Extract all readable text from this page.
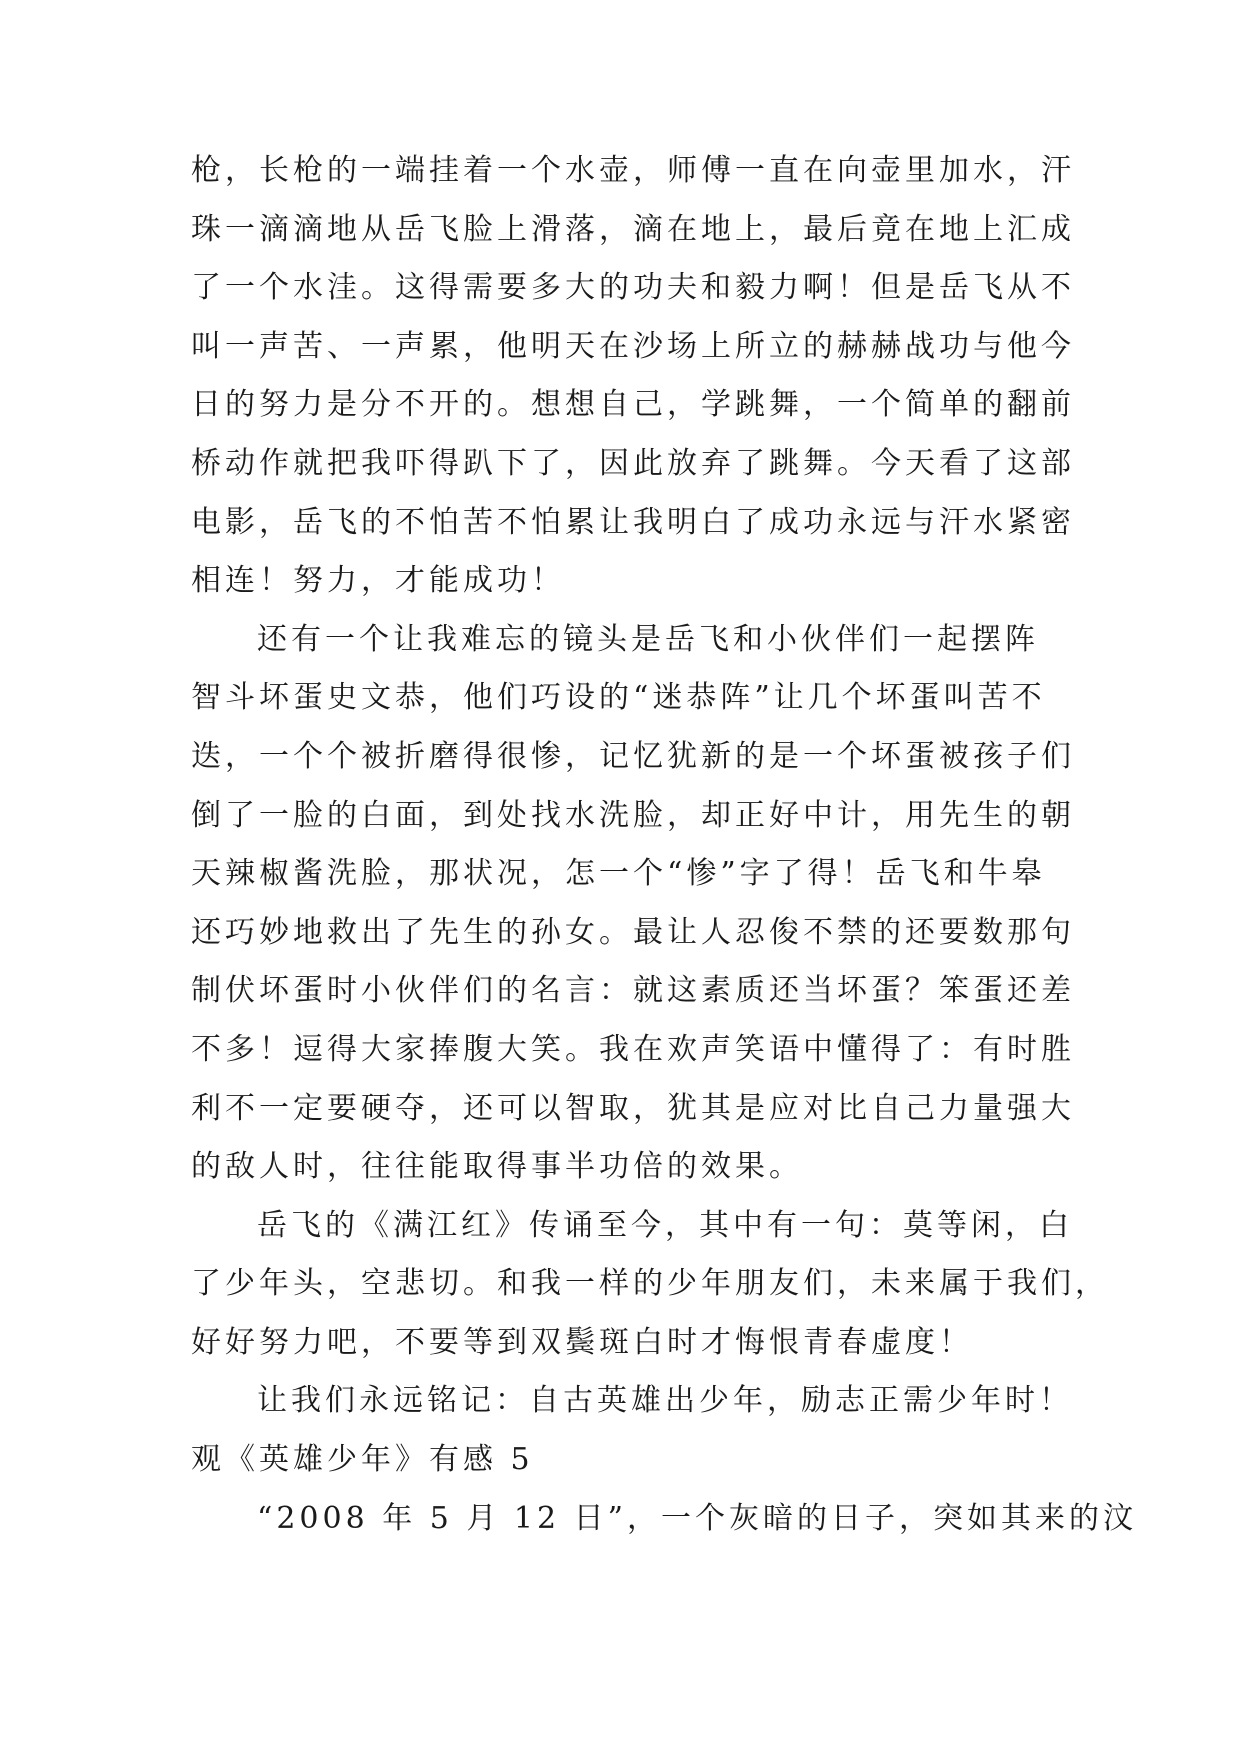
枪，长枪的一端挂着一个水壶，师傅一直在向壶里加水，汗
珠一滴滴地从岳飞脸上滑落，滴在地上，最后竟在地上汇成
了一个水洼。这得需要多大的功夫和毅力啊！但是岳飞从不
叫一声苦、一声累，他明天在沙场上所立的赫赫战功与他今
日的努力是分不开的。想想自己，学跳舞，一个简单的翻前
桥动作就把我吓得趴下了，因此放弃了跳舞。今天看了这部
电影，岳飞的不怕苦不怕累让我明白了成功永远与汗水紧密
相连！努力，才能成功！
还有一个让我难忘的镜头是岳飞和小伙伴们一起摆阵
智斗坏蛋史文恭，他们巧设的“迷恭阵”让几个坏蛋叫苦不
迭，一个个被折磨得很惨，记忆犹新的是一个坏蛋被孩子们
倒了一脸的白面，到处找水洗脸，却正好中计，用先生的朝
天辣椒酱洗脸，那状况，怎一个“惨”字了得！岳飞和牛皋
还巧妙地救出了先生的孙女。最让人忍俊不禁的还要数那句
制伏坏蛋时小伙伴们的名言：就这素质还当坏蛋？笨蛋还差
不多！逗得大家捧腹大笑。我在欢声笑语中懂得了：有时胜
利不一定要硬夺，还可以智取，犹其是应对比自己力量强大
的敌人时，往往能取得事半功倍的效果。
岳飞的《满江红》传诵至今，其中有一句：莫等闲，白
了少年头，空悲切。和我一样的少年朋友们，未来属于我们，
好好努力吧，不要等到双鬓斑白时才悔恨青春虚度！
让我们永远铭记：自古英雄出少年，励志正需少年时！
观《英雄少年》有感 5
“2008 年 5 月 12 日”，一个灰暗的日子，突如其来的汶
